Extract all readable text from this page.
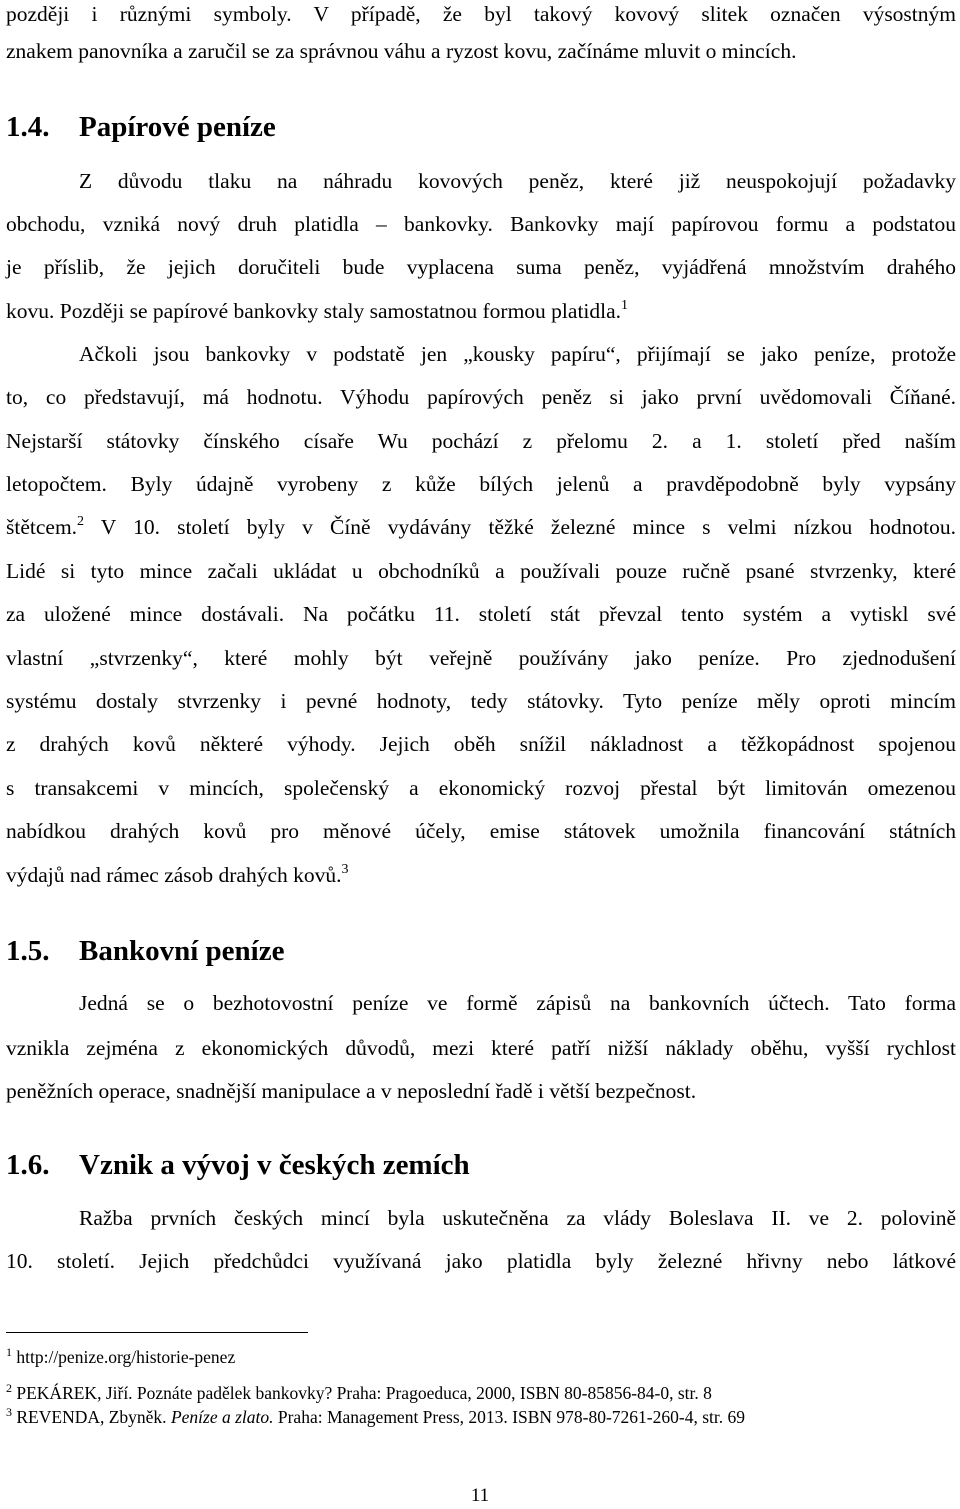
později i různými symboly. V případě, že byl takový kovový slitek označen výsostným
znakem panovníka a zaručil se za správnou váhu a ryzost kovu, začínáme mluvit o mincích.
1.4. Papírové peníze
Z důvodu tlaku na náhradu kovových peněz, které již neuspokojují požadavky
obchodu, vzniká nový druh platidla – bankovky. Bankovky mají papírovou formu a podstatou
je příslib, že jejich doručiteli bude vyplacena suma peněz, vyjádřená množstvím drahého
kovu. Později se papírové bankovky staly samostatnou formou platidla.$^1$
Ačkoli jsou bankovky v podstatě jen „kousky papíru“, přijímají se jako peníze, protože
to, co představují, má hodnotu. Výhodu papírových peněz si jako první uvědomovali Číňané.
Nejstarší státovky čínského císaře Wu pochází z přelomu 2. a 1. století před naším
letopočtem. Byly údajně vyrobeny z kůže bílých jelenů a pravděpodobně byly vypsány
štětcem.$^2$ V 10. století byly v Číně vydávány těžké železné mince s velmi nízkou hodnotou.
Lidé si tyto mince začali ukládat u obchodníků a používali pouze ručně psané stvrzenky, které
za uložené mince dostávali. Na počátku 11. století stát převzal tento systém a vytiskl své
vlastní „stvrzenky“, které mohly být veřejně používány jako peníze. Pro zjednodušení
systému dostaly stvrzenky i pevné hodnoty, tedy státovky. Tyto peníze měly oproti mincím
z drahých kovů některé výhody. Jejich oběh snížil nákladnost a těžkopádnost spojenou
s transakcemi v mincích, společenský a ekonomický rozvoj přestal být limitován omezenou
nabídkou drahých kovů pro měnové účely, emise státovek umožnila financování státních
výdajů nad rámec zásob drahých kovů.$^3$
1.5. Bankovní peníze
Jedná se o bezhotovostní peníze ve formě zápisů na bankovních účtech. Tato forma
vznikla zejména z ekonomických důvodů, mezi které patří nižší náklady oběhu, vyšší rychlost
peněžních operace, snadnější manipulace a v neposlední řadě i větší bezpečnost.
1.6. Vznik a vývoj v českých zemích
Ražba prvních českých mincí byla uskutečněna za vlády Boleslava II. ve 2. polovině
10. století. Jejich předchůdci využívaná jako platidla byly železné hřivny nebo látkové
$^1$ http://penize.org/historie-penez
$^2$ PEKÁREK, Jiří. Poznáte padělek bankovky? Praha: Pragoeduca, 2000, ISBN 80-85856-84-0, str. 8
$^3$ REVENDA, Zbyněk. Peníze a zlato. Praha: Management Press, 2013. ISBN 978-80-7261-260-4, str. 69
11
